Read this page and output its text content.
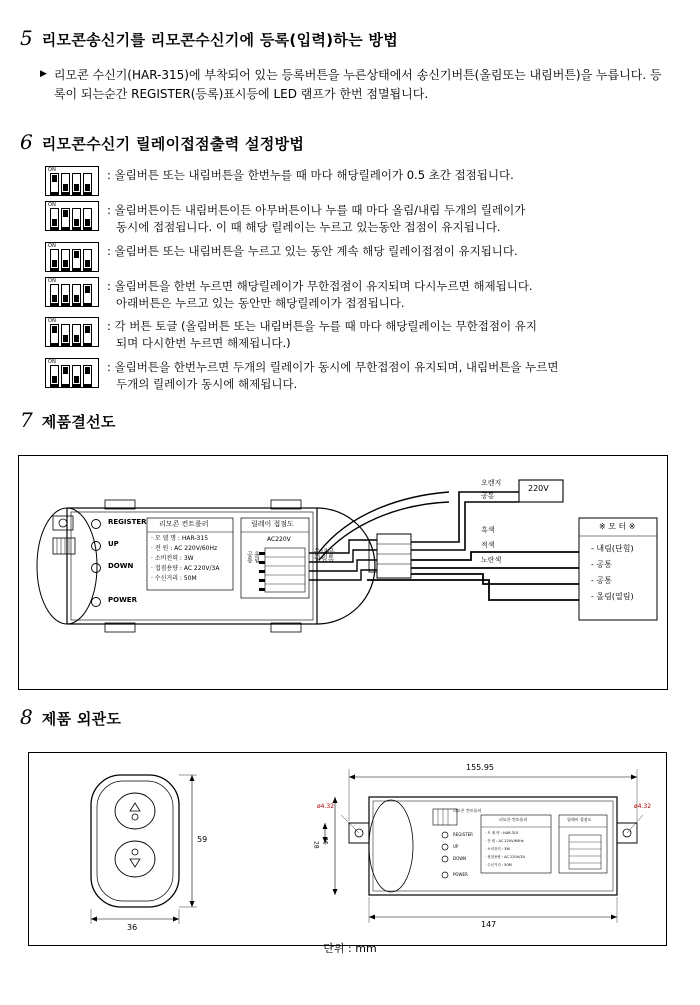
5 리모콘송신기를 리모콘수신기에 등록(입력)하는 방법
▶ 리모콘 수신기(HAR-315)에 부착되어 있는 등록버튼을 누른상태에서 송신기버튼(올림또는 내림버튼)을 누릅니다. 등록이 되는순간 REGISTER(등록)표시등에 LED 램프가 한번 점멸됩니다.
6 리모콘수신기 릴레이접점출력 설정방법
ON	: 올림버튼 또는 내림버튼을 한번누를 때 마다 해당릴레이가 0.5 초간 접점됩니다.
ON	: 올림버튼이든 내림버튼이든 아무버튼이나 누를 때 마다 올림/내림 두개의 릴레이가
동시에 접점됩니다. 이 때 해당 릴레이는 누르고 있는동안 접점이 유지됩니다.
ON	: 올림버튼 또는 내림버튼을 누르고 있는 동안 계속 해당 릴레이접점이 유지됩니다.
ON	: 올림버튼을 한번 누르면 해당릴레이가 무한접점이 유지되며 다시누르면 해제됩니다.
아래버튼은 누르고 있는 동안만 해당릴레이가 접점됩니다.
ON	: 각 버튼 토글 (올림버튼 또는 내림버튼을 누를 때 마다 해당릴레이는 무한접점이 유지
되며 다시한번 누르면 해제됩니다.)
ON	: 올림버튼을 한번누르면 두개의 릴레이가 동시에 무한접점이 유지되며, 내림버튼을 누르면
두개의 릴레이가 동시에 해제됩니다.
7 제품결선도
REGISTER
UP
DOWN
POWER
리모콘 컨트롤러
· 모 델 명 : HAR-315
· 전 원 : AC 220V/60Hz
· 소비전력 : 3W
· 접점용량 : AC 220V/3A
· 수신거리 : 50M
릴레이 접점도
AC220V
공통 올림	올림 내림 공통
오렌지
공통
흑색
적색
노란색
220V
※ 모 터 ※
- 내림(단힘)
- 공통
- 공통
- 올림(열림)
8 제품 외관도
59
36
155.95
147
36
28
ø4.32	ø4.32
리모콘 컨트롤러
REGISTER
UP
DOWN
POWER
리모콘 컨트롤러
· 모 델 명 : HAR-315
· 전 원 : AC 220V/60Hz
· 소비전력 : 3W
· 접점용량 : AC 220V/3A
· 수신거리 : 50M
릴레이 접점도
단위 : mm
